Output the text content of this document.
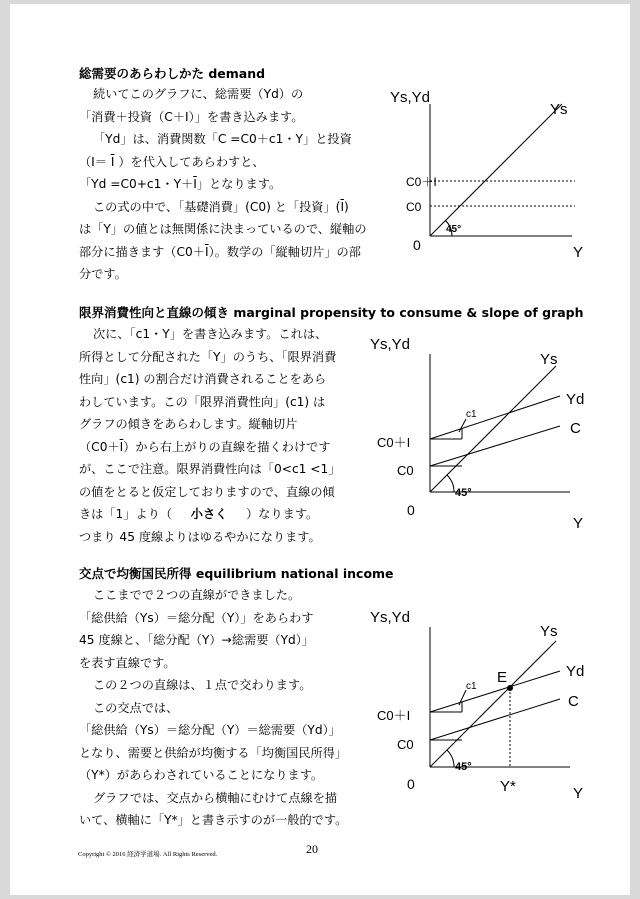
総需要のあらわしかた demand
続いてこのグラフに、総需要（Yd）の
「消費＋投資（C＋I）」を書き込みます。
「Yd」は、消費関数「C =C0＋c1・Y」と投資
（$I= \overline{I}$ ）を代入してあらわすと、
「Yd =C0+c1・$Y+\overline{I}$」となります。
この式の中で、「基礎消費」(C0) と「投資」$(\overline{I})$
は「Y」の値とは無関係に決まっているので、縦軸の
部分に描きます$(C0+\overline{I})$。数学の「縦軸切片」の部
分です。
Ys,Yd
Ys
45°
C0＋I
C0
0	Y
限界消費性向と直線の傾き marginal propensity to consume & slope of graph
次に、「c1・Y」を書き込みます。これは、
所得として分配された「Y」のうち、「限界消費
性向」(c1) の割合だけ消費されることをあら
わしています。この「限界消費性向」(c1) は
グラフの傾きをあらわします。縦軸切片
$(C0+\overline{I})$から右上がりの直線を描くわけです
が、ここで注意。限界消費性向は「0<c1 <1」
の値をとると仮定しておりますので、直線の傾
きは「1」より（ 小さく ）なります。
つまり 45 度線よりはゆるやかになります。
Ys,Yd
Ys
Yd
C
c1
45°
C0＋I
C0
0
Y
交点で均衡国民所得 equilibrium national income
ここまでで２つの直線ができました。
「総供給（Ys）＝総分配（Y）」をあらわす
45 度線と、「総分配（Y）→総需要（Yd）」
を表す直線です。
この２つの直線は、１点で交わります。
この交点では、
「総供給（Ys）＝総分配（Y）＝総需要（Yd）」
となり、需要と供給が均衡する「均衡国民所得」
（Y*）があらわされていることになります。
グラフでは、交点から横軸にむけて点線を描
いて、横軸に「Y*」と書き示すのが一般的です。
Ys,Yd
Ys
Yd
C
c1
E
45°
C0＋I
C0
0	Y*	Y
Copyright © 2016 経済学道場. All Rights Reserved.	20
